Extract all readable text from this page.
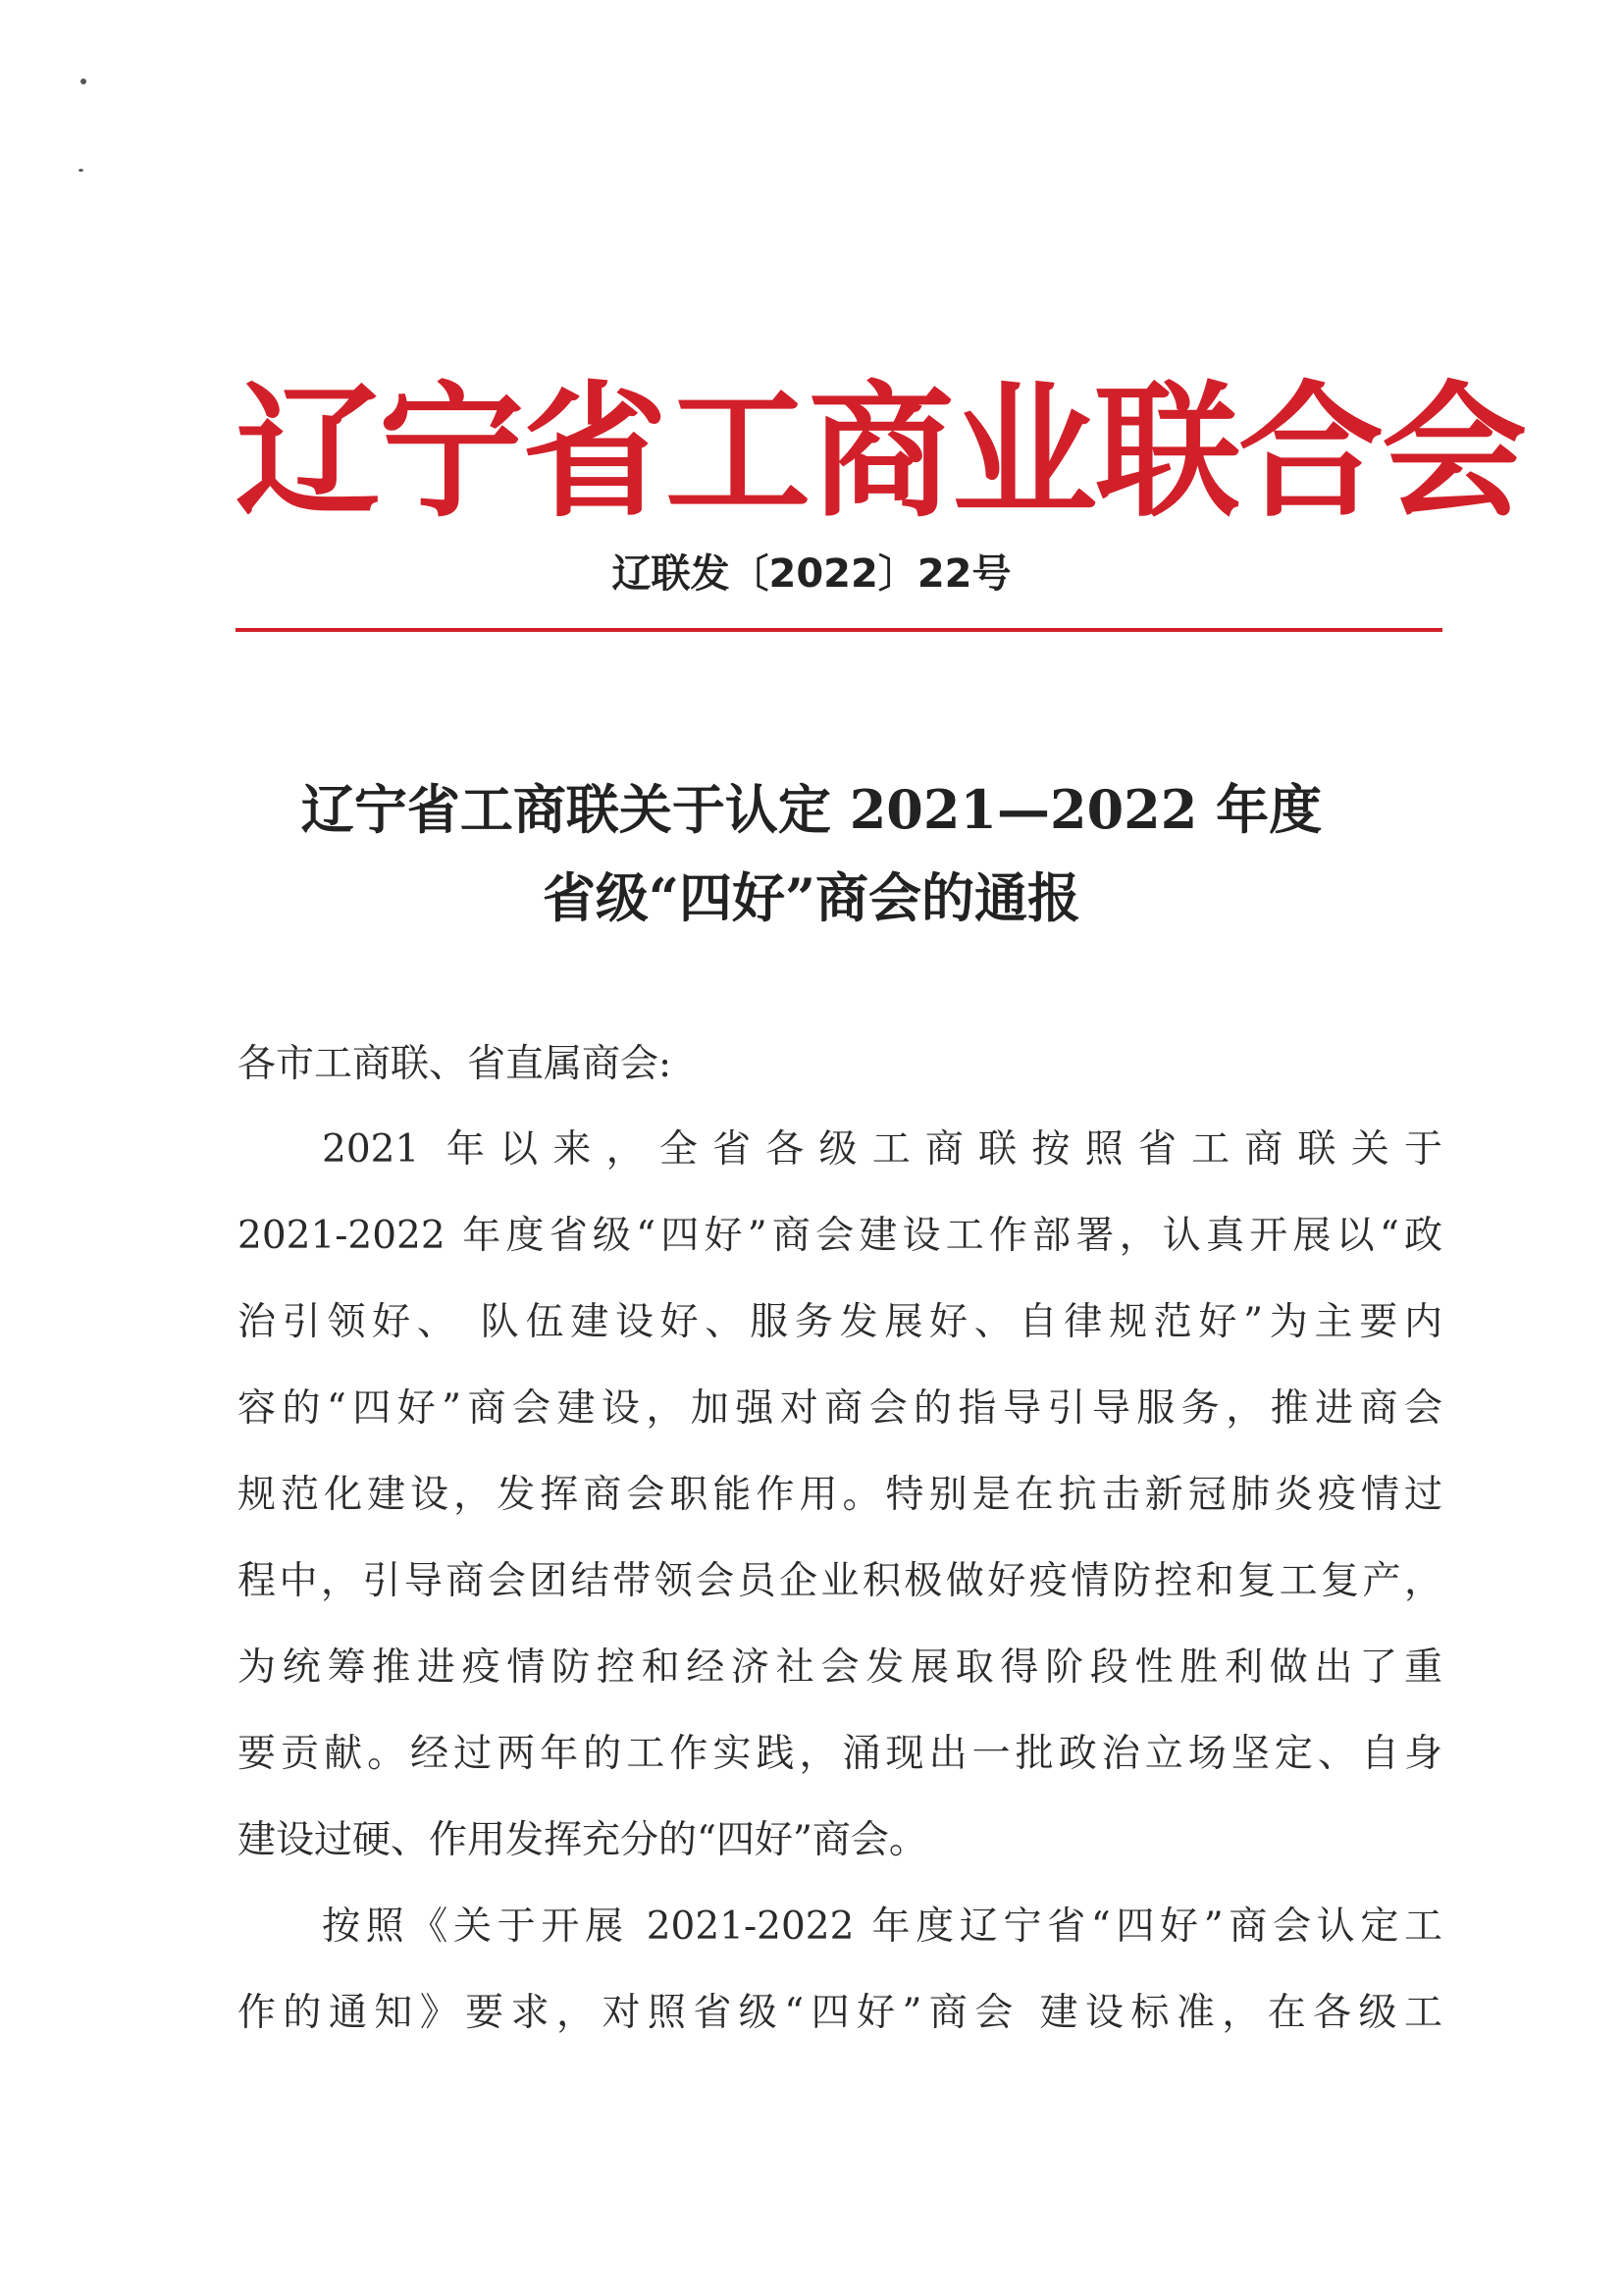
辽宁省工商业联合会
辽联发〔2022〕22号
辽宁省工商联关于认定 2021—2022 年度
省级“四好”商会的通报
各市工商联、省直属商会:
2021 年以来，全省各级工商联按照省工商联关于
2021-2022 年度省级“四好”商会建设工作部署，认真开展以“政
治引领好、 队伍建设好、服务发展好、自律规范好”为主要内
容的“四好”商会建设，加强对商会的指导引导服务，推进商会
规范化建设，发挥商会职能作用。特别是在抗击新冠肺炎疫情过
程中，引导商会团结带领会员企业积极做好疫情防控和复工复产，
为统筹推进疫情防控和经济社会发展取得阶段性胜利做出了重
要贡献。经过两年的工作实践，涌现出一批政治立场坚定、自身
建设过硬、作用发挥充分的“四好”商会。
按照《关于开展 2021-2022 年度辽宁省“四好”商会认定工
作的通知》要求，对照省级“四好”商会 建设标准，在各级工
